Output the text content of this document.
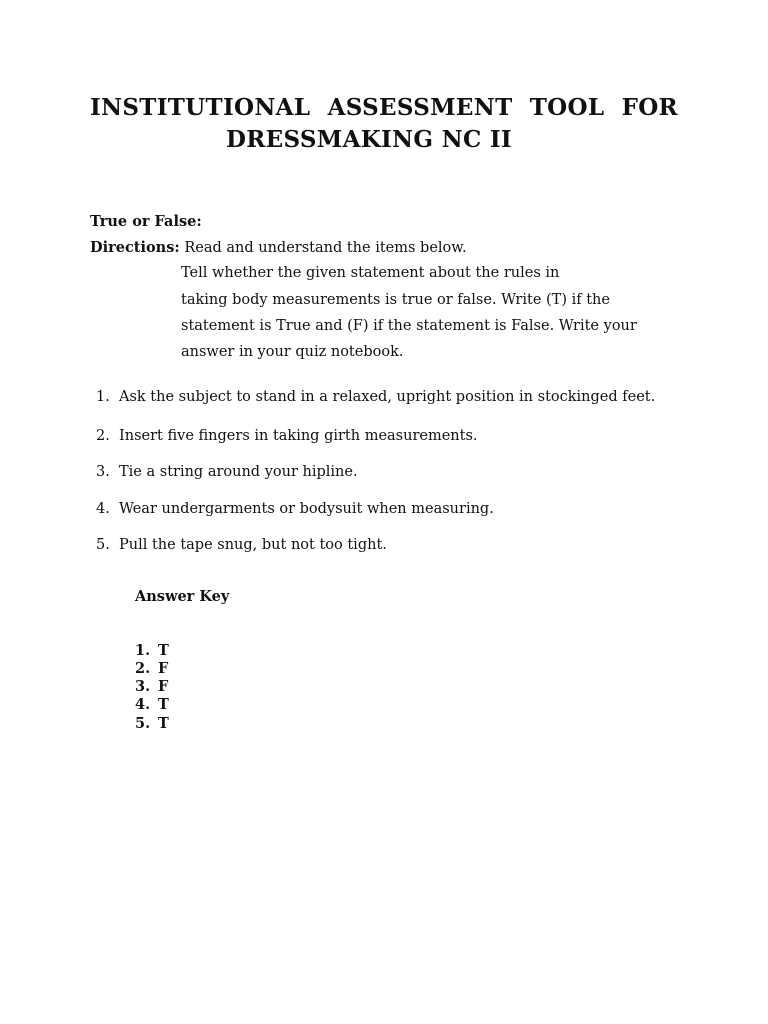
INSTITUTIONAL ASSESSMENT TOOL FOR
DRESSMAKING NC II
True or False:
Directions: Read and understand the items below.
Tell whether the given statement about the rules in
taking body measurements is true or false. Write (T) if the
statement is True and (F) if the statement is False. Write your
answer in your quiz notebook.
1. Ask the subject to stand in a relaxed, upright position in stockinged feet.
2. Insert five fingers in taking girth measurements.
3. Tie a string around your hipline.
4. Wear undergarments or bodysuit when measuring.
5. Pull the tape snug, but not too tight.
Answer Key
1. T
2. F
3. F
4. T
5. T
